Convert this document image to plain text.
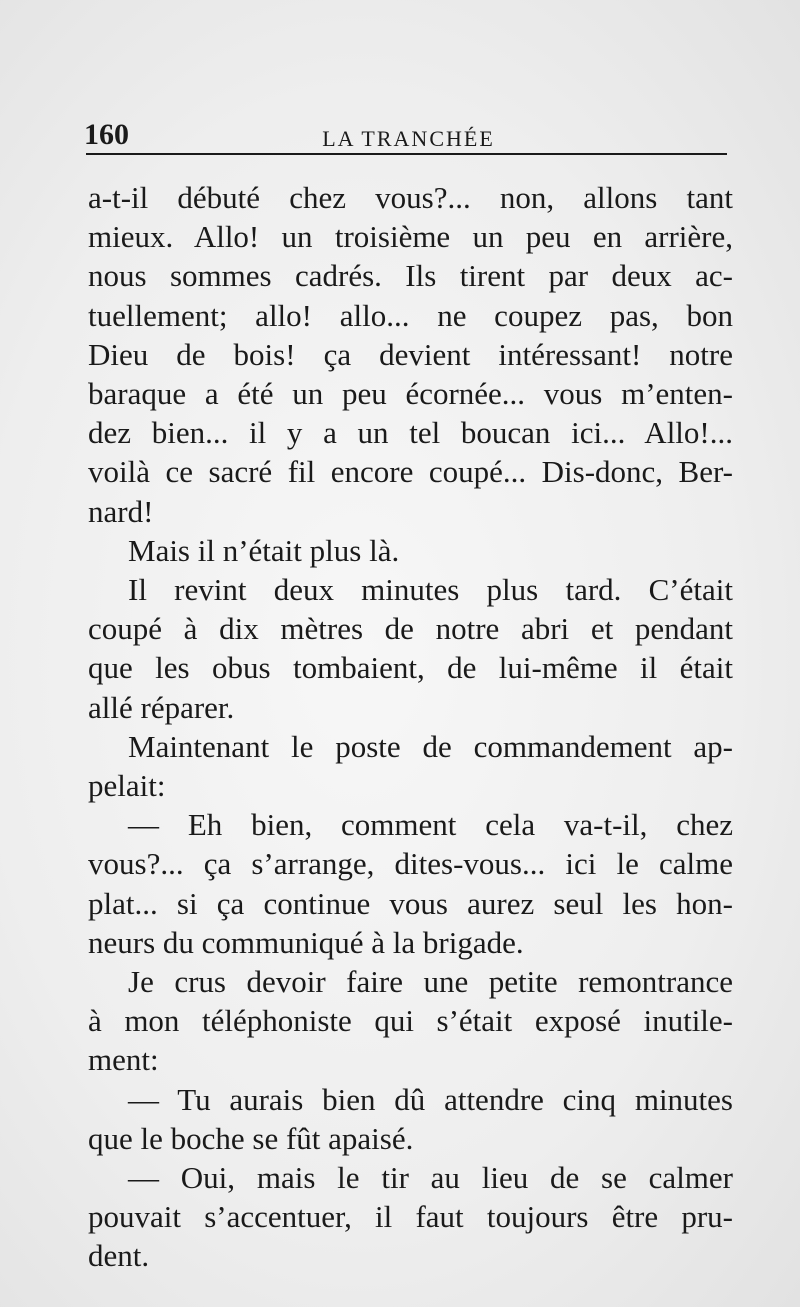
160	LA TRANCHÉE

a-t-il débuté chez vous?... non, allons tant
mieux. Allo! un troisième un peu en arrière,
nous sommes cadrés. Ils tirent par deux ac-
tuellement; allo! allo... ne coupez pas, bon
Dieu de bois! ça devient intéressant! notre
baraque a été un peu écornée... vous m’enten-
dez bien... il y a un tel boucan ici... Allo!...
voilà ce sacré fil encore coupé... Dis-donc, Ber-
nard!

Mais il n’était plus là.

Il revint deux minutes plus tard. C’était
coupé à dix mètres de notre abri et pendant
que les obus tombaient, de lui-même il était
allé réparer.

Maintenant le poste de commandement ap-
pelait:

— Eh bien, comment cela va-t-il, chez
vous?... ça s’arrange, dites-vous... ici le calme
plat... si ça continue vous aurez seul les hon-
neurs du communiqué à la brigade.

Je crus devoir faire une petite remontrance
à mon téléphoniste qui s’était exposé inutile-
ment:

— Tu aurais bien dû attendre cinq minutes
que le boche se fût apaisé.

— Oui, mais le tir au lieu de se calmer
pouvait s’accentuer, il faut toujours être pru-
dent.
